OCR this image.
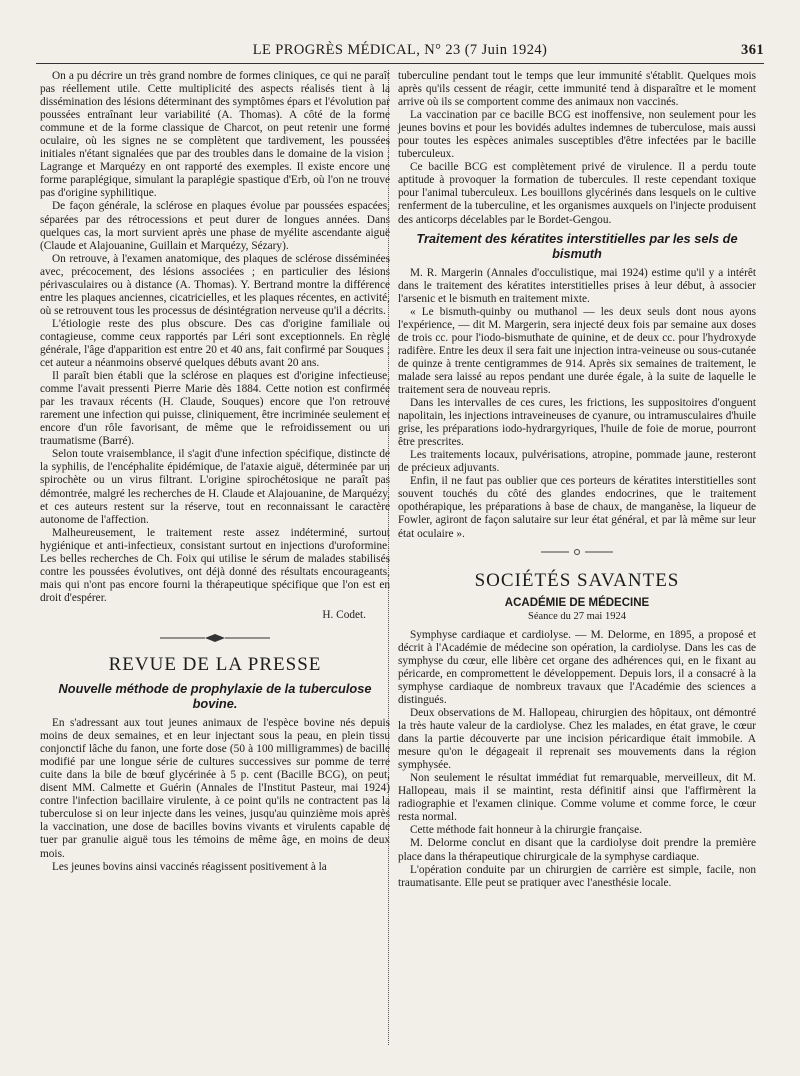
LE PROGRÈS MÉDICAL, N° 23 (7 Juin 1924)	361

On a pu décrire un très grand nombre de formes cliniques, ce qui ne paraît pas réellement utile. Cette multiplicité des aspects réalisés tient à la dissémination des lésions déterminant des symptômes épars et l'évolution par poussées entraînant leur variabilité (A. Thomas). A côté de la forme commune et de la forme classique de Charcot, on peut retenir une forme oculaire, où les signes ne se complètent que tardivement, les poussées initiales n'étant signalées que par des troubles dans le domaine de la vision ; Lagrange et Marquézy en ont rapporté des exemples. Il existe encore une forme paraplégique, simulant la paraplégie spastique d'Erb, où l'on ne trouve pas d'origine syphilitique.

De façon générale, la sclérose en plaques évolue par poussées espacées, séparées par des rétrocessions et peut durer de longues années. Dans quelques cas, la mort survient après une phase de myélite ascendante aiguë (Claude et Alajouanine, Guillain et Marquézy, Sézary).

On retrouve, à l'examen anatomique, des plaques de sclérose disséminées avec, précocement, des lésions associées ; en particulier des lésions périvasculaires ou à distance (A. Thomas). Y. Bertrand montre la différence entre les plaques anciennes, cicatricielles, et les plaques récentes, en activité, où se retrouvent tous les processus de désintégration nerveuse qu'il a décrits.

L'étiologie reste des plus obscure. Des cas d'origine familiale ou contagieuse, comme ceux rapportés par Léri sont exceptionnels. En règle générale, l'âge d'apparition est entre 20 et 40 ans, fait confirmé par Souques ; cet auteur a néanmoins observé quelques débuts avant 20 ans.

Il paraît bien établi que la sclérose en plaques est d'origine infectieuse, comme l'avait pressenti Pierre Marie dès 1884. Cette notion est confirmée par les travaux récents (H. Claude, Souques) encore que l'on retrouve rarement une infection qui puisse, cliniquement, être incriminée seulement et encore d'un rôle favorisant, de même que le refroidissement ou un traumatisme (Barré).

Selon toute vraisemblance, il s'agit d'une infection spécifique, distincte de la syphilis, de l'encéphalite épidémique, de l'ataxie aiguë, déterminée par un spirochète ou un virus filtrant. L'origine spirochétosique ne paraît pas démontrée, malgré les recherches de H. Claude et Alajouanine, de Marquézy, et ces auteurs restent sur la réserve, tout en reconnaissant le caractère autonome de l'affection.

Malheureusement, le traitement reste assez indéterminé, surtout hygiénique et anti-infectieux, consistant surtout en injections d'uroformine. Les belles recherches de Ch. Foix qui utilise le sérum de malades stabilisés contre les poussées évolutives, ont déjà donné des résultats encourageants, mais qui n'ont pas encore fourni la thérapeutique spécifique que l'on est en droit d'espérer.

H. Codet.
REVUE DE LA PRESSE
Nouvelle méthode de prophylaxie de la tuberculose bovine.

En s'adressant aux tout jeunes animaux de l'espèce bovine nés depuis moins de deux semaines, et en leur injectant sous la peau, en plein tissu conjonctif lâche du fanon, une forte dose (50 à 100 milligrammes) de bacille modifié par une longue série de cultures successives sur pomme de terre cuite dans la bile de bœuf glycérinée à 5 p. cent (Bacille BCG), on peut, disent MM. Calmette et Guérin (Annales de l'Institut Pasteur, mai 1924) contre l'infection bacillaire virulente, à ce point qu'ils ne contractent pas la tuberculose si on leur injecte dans les veines, jusqu'au quinzième mois après la vaccination, une dose de bacilles bovins vivants et virulents capable de tuer par granulie aiguë tous les témoins de même âge, en moins de deux mois.

Les jeunes bovins ainsi vaccinés réagissent positivement à la

tuberculine pendant tout le temps que leur immunité s'établit. Quelques mois après qu'ils cessent de réagir, cette immunité tend à disparaître et le moment arrive où ils se comportent comme des animaux non vaccinés.

La vaccination par ce bacille BCG est inoffensive, non seulement pour les jeunes bovins et pour les bovidés adultes indemnes de tuberculose, mais aussi pour toutes les espèces animales susceptibles d'être infectées par le bacille tuberculeux.

Ce bacille BCG est complètement privé de virulence. Il a perdu toute aptitude à provoquer la formation de tubercules. Il reste cependant toxique pour l'animal tuberculeux. Les bouillons glycérinés dans lesquels on le cultive renferment de la tuberculine, et les organismes auxquels on l'injecte produisent des anticorps décelables par le Bordet-Gengou.

Traitement des kératites interstitielles par les sels de bismuth

M. R. Margerin (Annales d'occulistique, mai 1924) estime qu'il y a intérêt dans le traitement des kératites interstitielles prises à leur début, à associer l'arsenic et le bismuth en traitement mixte.

« Le bismuth-quinby ou muthanol — les deux seuls dont nous ayons l'expérience, — dit M. Margerin, sera injecté deux fois par semaine aux doses de trois cc. pour l'iodo-bismuthate de quinine, et de deux cc. pour l'hydroxyde radifère. Entre les deux il sera fait une injection intra-veineuse ou sous-cutanée de quinze à trente centigrammes de 914. Après six semaines de traitement, le malade sera laissé au repos pendant une durée égale, à la suite de laquelle le traitement sera de nouveau repris.

Dans les intervalles de ces cures, les frictions, les suppositoires d'onguent napolitain, les injections intraveineuses de cyanure, ou intramusculaires d'huile grise, les préparations iodo-hydrargyriques, l'huile de foie de morue, pourront être prescrites.

Les traitements locaux, pulvérisations, atropine, pommade jaune, resteront de précieux adjuvants.

Enfin, il ne faut pas oublier que ces porteurs de kératites interstitielles sont souvent touchés du côté des glandes endocrines, que le traitement opothérapique, les préparations à base de chaux, de manganèse, la liqueur de Fowler, agiront de façon salutaire sur leur état général, et par là même sur leur état oculaire ».

SOCIÉTÉS SAVANTES
ACADÉMIE DE MÉDECINE
Séance du 27 mai 1924

Symphyse cardiaque et cardiolyse. — M. Delorme, en 1895, a proposé et décrit à l'Académie de médecine son opération, la cardiolyse. Dans les cas de symphyse du cœur, elle libère cet organe des adhérences qui, en le fixant au péricarde, en compromettent le développement. Depuis lors, il a consacré à la symphyse cardiaque de nombreux travaux que l'Académie des sciences a distingués.

Deux observations de M. Hallopeau, chirurgien des hôpitaux, ont démontré la très haute valeur de la cardiolyse. Chez les malades, en état grave, le cœur dans la partie découverte par une incision péricardique était immobile. A mesure qu'on le dégageait il reprenait ses mouvements dans la région symphysée.

Non seulement le résultat immédiat fut remarquable, merveilleux, dit M. Hallopeau, mais il se maintint, resta définitif ainsi que l'affirmèrent la radiographie et l'examen clinique. Comme volume et comme force, le cœur resta normal.

Cette méthode fait honneur à la chirurgie française.

M. Delorme conclut en disant que la cardiolyse doit prendre la première place dans la thérapeutique chirurgicale de la symphyse cardiaque.

L'opération conduite par un chirurgien de carrière est simple, facile, non traumatisante. Elle peut se pratiquer avec l'anesthésie locale.
